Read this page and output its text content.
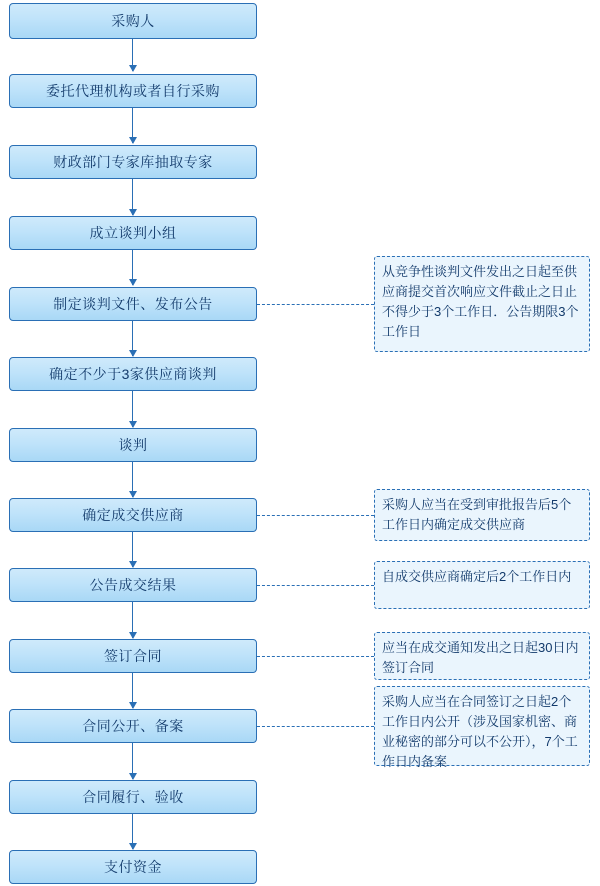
采购人
委托代理机构或者自行采购
财政部门专家库抽取专家
成立谈判小组
制定谈判文件、发布公告
确定不少于3家供应商谈判
谈判
确定成交供应商
公告成交结果
签订合同
合同公开、备案
合同履行、验收
支付资金
从竞争性谈判文件发出之日起至供应商提交首次响应文件截止之日止不得少于3个工作日．公告期限3个工作日
采购人应当在受到审批报告后5个工作日内确定成交供应商
自成交供应商确定后2个工作日内
应当在成交通知发出之日起30日内签订合同
采购人应当在合同签订之日起2个工作日内公开（涉及国家机密、商业秘密的部分可以不公开），7个工作日内备案
